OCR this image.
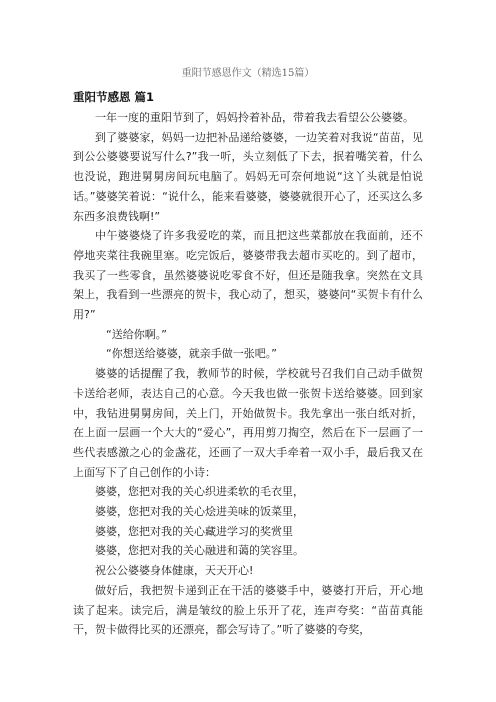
重阳节感恩作文（精选15篇）
重阳节感恩 篇1

一年一度的重阳节到了，妈妈拎着补品，带着我去看望公公婆婆。

到了婆婆家，妈妈一边把补品递给婆婆，一边笑着对我说“苗苗，见到公公婆婆要说写什么?”我一听，头立刻低了下去，抿着嘴笑着，什么也没说，跑进舅舅房间玩电脑了。妈妈无可奈何地说“这丫头就是怕说话。”婆婆笑着说：“说什么，能来看婆婆，婆婆就很开心了，还买这么多东西多浪费钱啊!”

中午婆婆烧了许多我爱吃的菜，而且把这些菜都放在我面前，还不停地夹菜往我碗里塞。吃完饭后，婆婆带我去超市买吃的。到了超市，我买了一些零食，虽然婆婆说吃零食不好，但还是随我拿。突然在文具架上，我看到一些漂亮的贺卡，我心动了，想买，婆婆问“买贺卡有什么用?”

“送给你啊。”

“你想送给婆婆，就亲手做一张吧。”

婆婆的话提醒了我，教师节的时候，学校就号召我们自己动手做贺卡送给老师，表达自己的心意。今天我也做一张贺卡送给婆婆。回到家中，我钻进舅舅房间，关上门，开始做贺卡。我先拿出一张白纸对折，在上面一层画一个大大的“爱心”，再用剪刀掏空，然后在下一层画了一些代表感激之心的金盏花，还画了一双大手牵着一双小手，最后我又在上面写下了自己创作的小诗：

婆婆，您把对我的关心织进柔软的毛衣里，

婆婆，您把对我的关心烩进美味的饭菜里，

婆婆，您把对我的关心藏进学习的奖赏里

婆婆，您把对我的关心融进和蔼的笑容里。

祝公公婆婆身体健康，天天开心!

做好后，我把贺卡递到正在干活的婆婆手中，婆婆打开后，开心地读了起来。读完后，满是皱纹的脸上乐开了花，连声夸奖：“苗苗真能干，贺卡做得比买的还漂亮，都会写诗了。”听了婆婆的夸奖，
